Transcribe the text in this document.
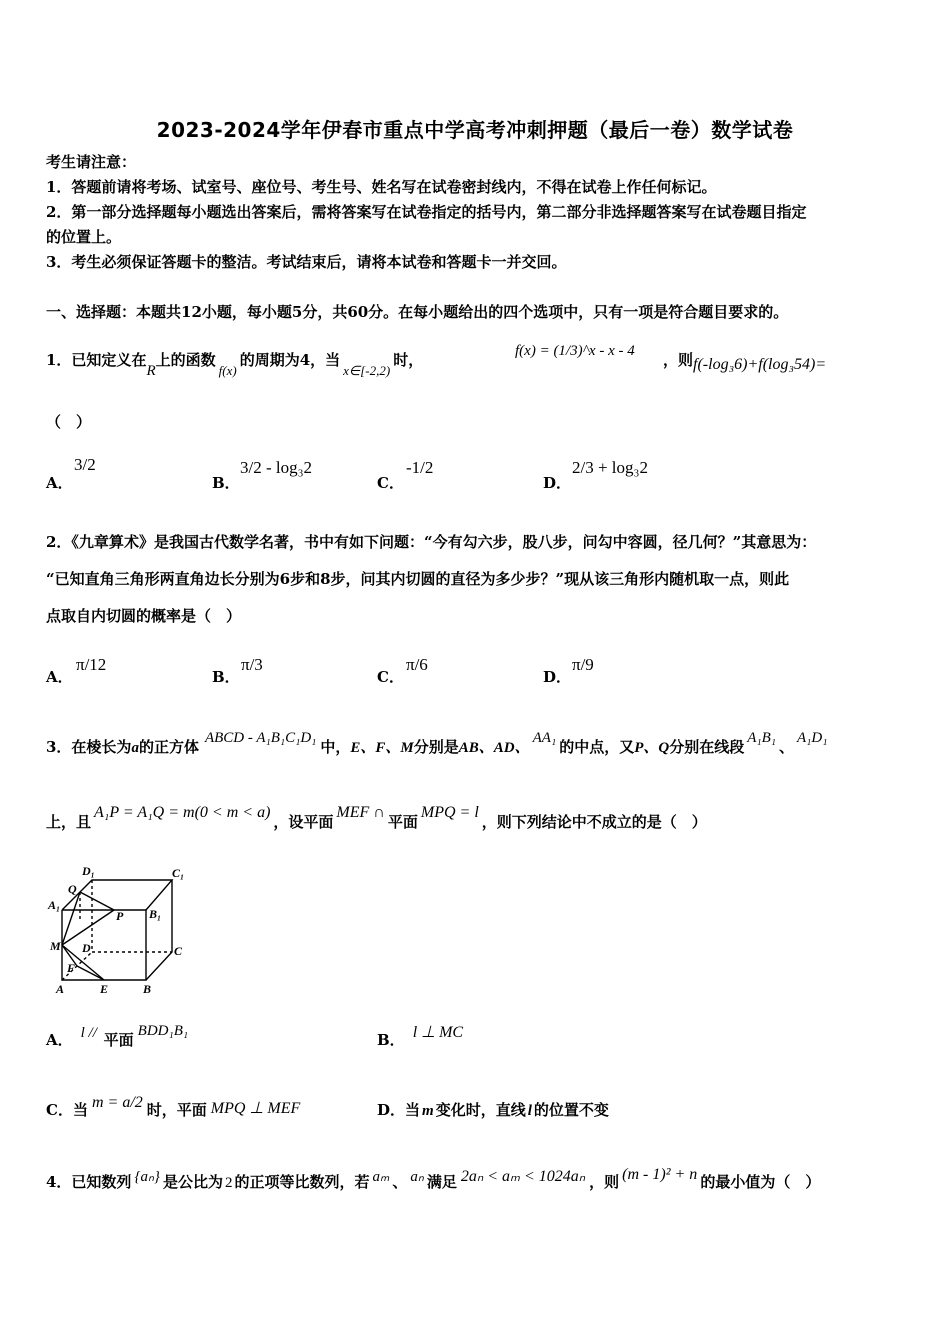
2023-2024学年伊春市重点中学高考冲刺押题（最后一卷）数学试卷
考生请注意：
1．答题前请将考场、试室号、座位号、考生号、姓名写在试卷密封线内，不得在试卷上作任何标记。
2．第一部分选择题每小题选出答案后，需将答案写在试卷指定的括号内，第二部分非选择题答案写在试卷题目指定
的位置上。
3．考生必须保证答题卡的整洁。考试结束后，请将本试卷和答题卡一并交回。
一、选择题：本题共12小题，每小题5分，共60分。在每小题给出的四个选项中，只有一项是符合题目要求的。
1．已知定义在R上的函数f(x)的周期为4，当x∈[-2,2)时，	f(x) = (1/3)^x - x - 4 ，则f(-log₃6)+f(log₃54)=
（　）
A．
3/2
B．
3/2 - log₃2
C．
-1/2
D．
2/3 + log₃2
2．《九章算术》是我国古代数学名著，书中有如下问题：“今有勾六步，股八步，问勾中容圆，径几何？”其意思为：
“已知直角三角形两直角边长分别为6步和8步，问其内切圆的直径为多少步？”现从该三角形内随机取一点，则此
点取自内切圆的概率是（　）
A．
π/12
B．
π/3
C．
π/6
D．
π/9
3．在棱长为a的正方体 ABCD - A₁B₁C₁D₁ 中，E、F、M分别是AB、AD、AA₁ 的中点，又P、Q分别在线段 A₁B₁ 、 A₁D₁
上，且A₁P = A₁Q = m(0 < m < a)，设平面MEF ∩平面MPQ = l，则下列结论中不成立的是（　）
D₁	C₁
Q
A₁
P B₁
M D	C
F
A	E	B
A． l // 平面 BDD₁B₁	B． l ⊥ MC
C．当 m = a/2 时，平面 MPQ ⊥ MEF	D．当 m 变化时，直线 l 的位置不变
4．已知数列 {aₙ} 是公比为 2 的正项等比数列，若 aₘ 、 aₙ 满足 2aₙ < aₘ < 1024aₙ ，则 (m - 1)² + n 的最小值为（　）
